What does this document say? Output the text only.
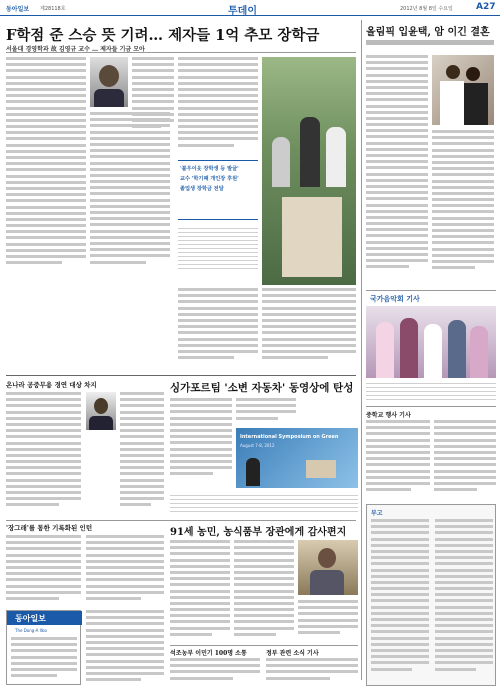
동아일보 제28118호	투데이	2012년 8월 8일 수요일	A27
F학점 준 스승 뜻 기려… 제자들 1억 추모 장학금
서울대 경영학과 故 김영규 교수 … 제자들 기금 모아
'불우이웃 장학생 등 발굴'
교수 '학기째 개인장 후원'
졸업생 장학금 전달
올림픽 입윤택, 암 이긴 결혼
국가음악회 기사
온나라 공중무용 경연 대상 차지	싱가포르팀 '소변 자동차' 동영상에 탄성
International Symposium on Green
August 7-8, 2012
'장그래'를 통한 기록화된 인턴	91세 농민, 농식품부 장관에게 감사편지
동아일보
The Dong-A Ilbo
석조농부 이민기 100명 소통	정부 관련 소식 기사
중학교 행사 기사
부고
